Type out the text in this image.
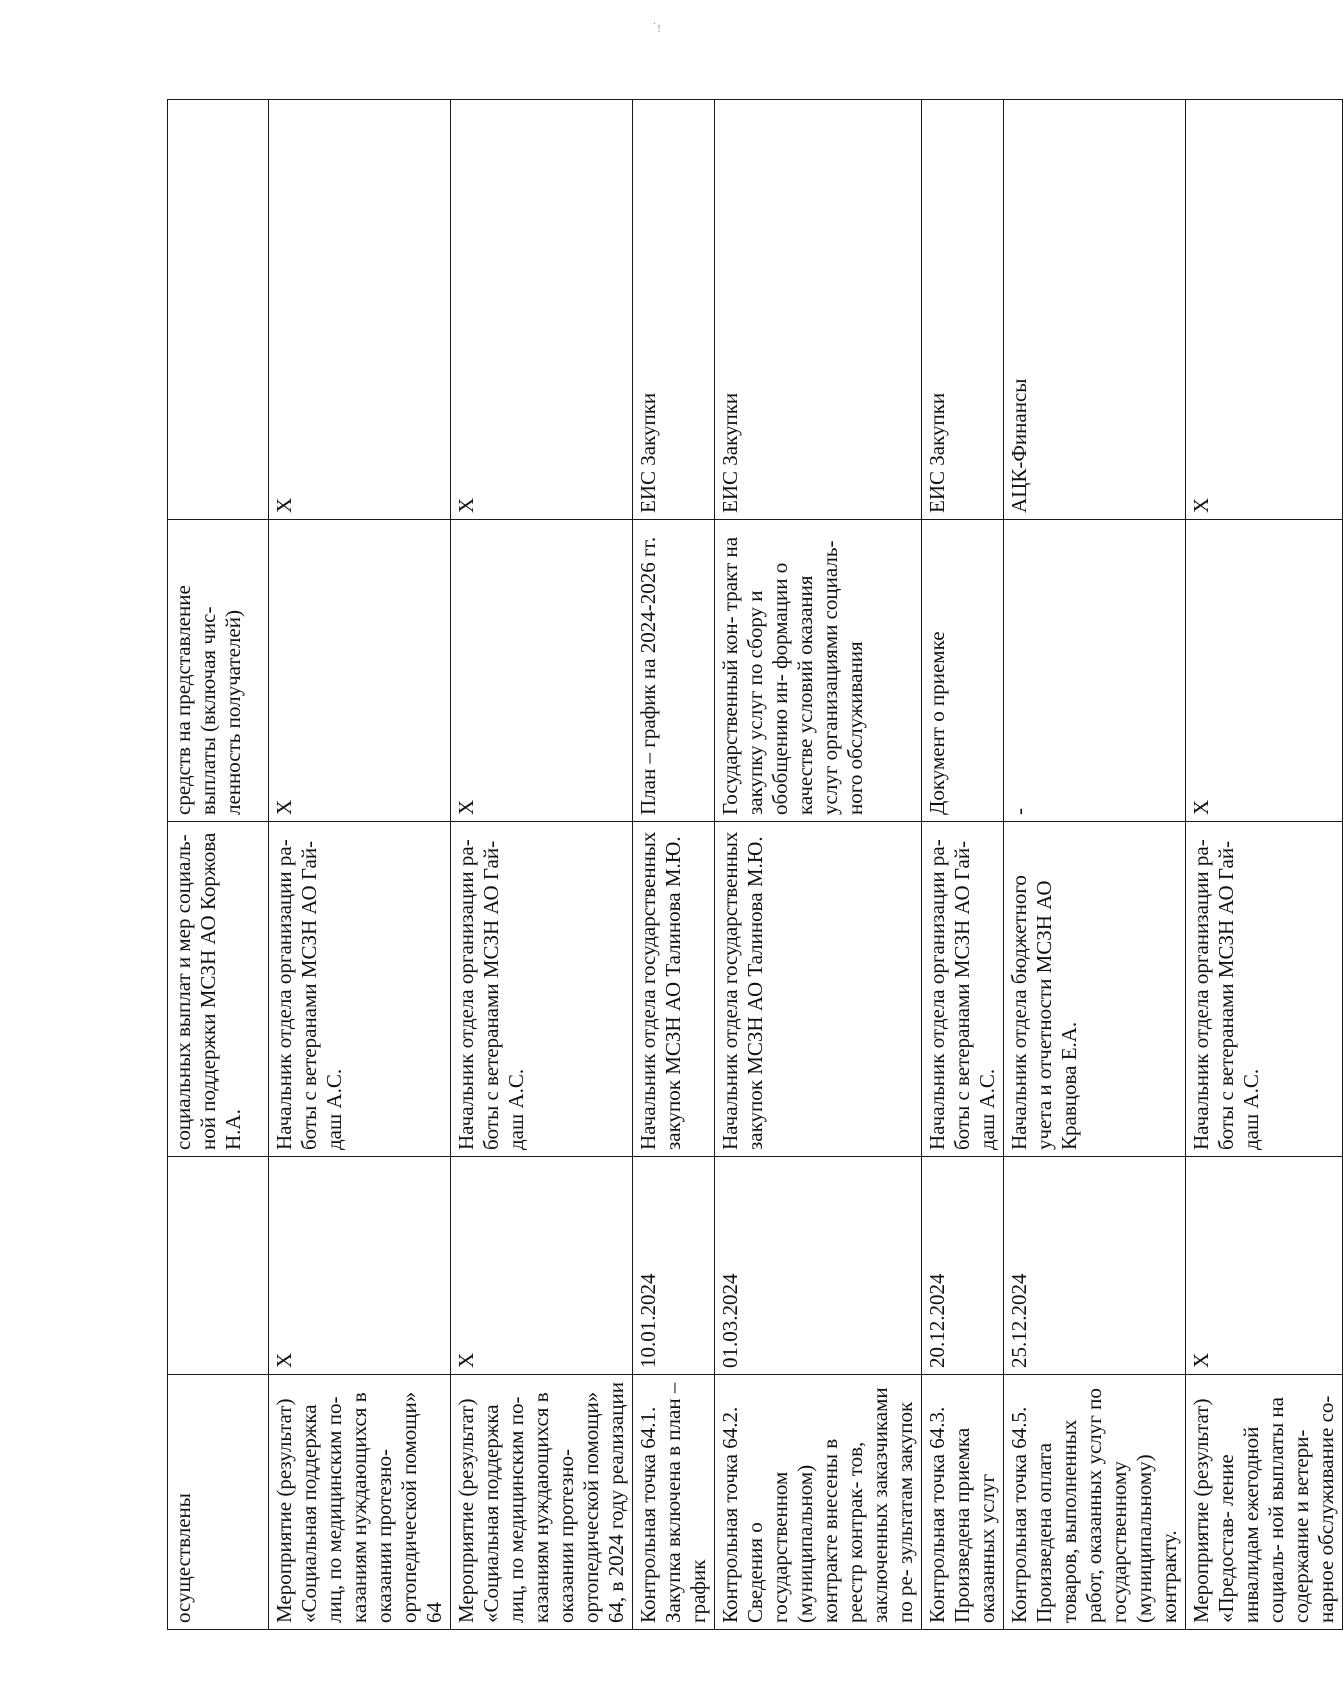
.
!
осуществлены		социальных выплат и мер социаль- ной поддержки МСЗН АО Коржова Н.А.	средств на представление выплаты (включая чис- ленность получателей)	
Мероприятие (результат) «Социальная поддержка лиц, по медицинским по- казаниям нуждающихся в оказании протезно-ортопедической помощи» 64	Х	Начальник отдела организации ра- боты с ветеранами МСЗН АО Гай- даш А.С.	Х	Х
Мероприятие (результат) «Социальная поддержка лиц, по медицинским по- казаниям нуждающихся в оказании протезно-ортопедической помощи» 64, в 2024 году реализации	Х	Начальник отдела организации ра- боты с ветеранами МСЗН АО Гай- даш А.С.	Х	Х
Контрольная точка 64.1. Закупка включена в план – график	10.01.2024	Начальник отдела государственных закупок МСЗН АО Талинова М.Ю.	План – график на 2024-2026 гг.	ЕИС Закупки
Контрольная точка 64.2. Сведения о государственном (муниципальном) контракте внесены в реестр контрак- тов, заключенных заказчиками по ре- зультатам закупок	01.03.2024	Начальник отдела государственных закупок МСЗН АО Талинова М.Ю.	Государственный кон- тракт на закупку услуг по сбору и обобщению ин- формации о качестве условий оказания услуг организациями социаль- ного обслуживания	ЕИС Закупки
Контрольная точка 64.3. Произведена приемка оказанных услуг	20.12.2024	Начальник отдела организации ра- боты с ветеранами МСЗН АО Гай- даш А.С.	Документ о приемке	ЕИС Закупки
Контрольная точка 64.5. Произведена оплата товаров, выполненных работ, оказанных услуг по государственному (муниципальному) контракту.	25.12.2024	Начальник отдела бюджетного учета и отчетности МСЗН АО Кравцова Е.А.	-	АЦК-Финансы
Мероприятие (результат) «Предостав- ление инвалидам ежегодной социаль- ной выплаты на содержание и ветери- нарное обслуживание со-	Х	Начальник отдела организации ра- боты с ветеранами МСЗН АО Гай- даш А.С.	Х	Х
